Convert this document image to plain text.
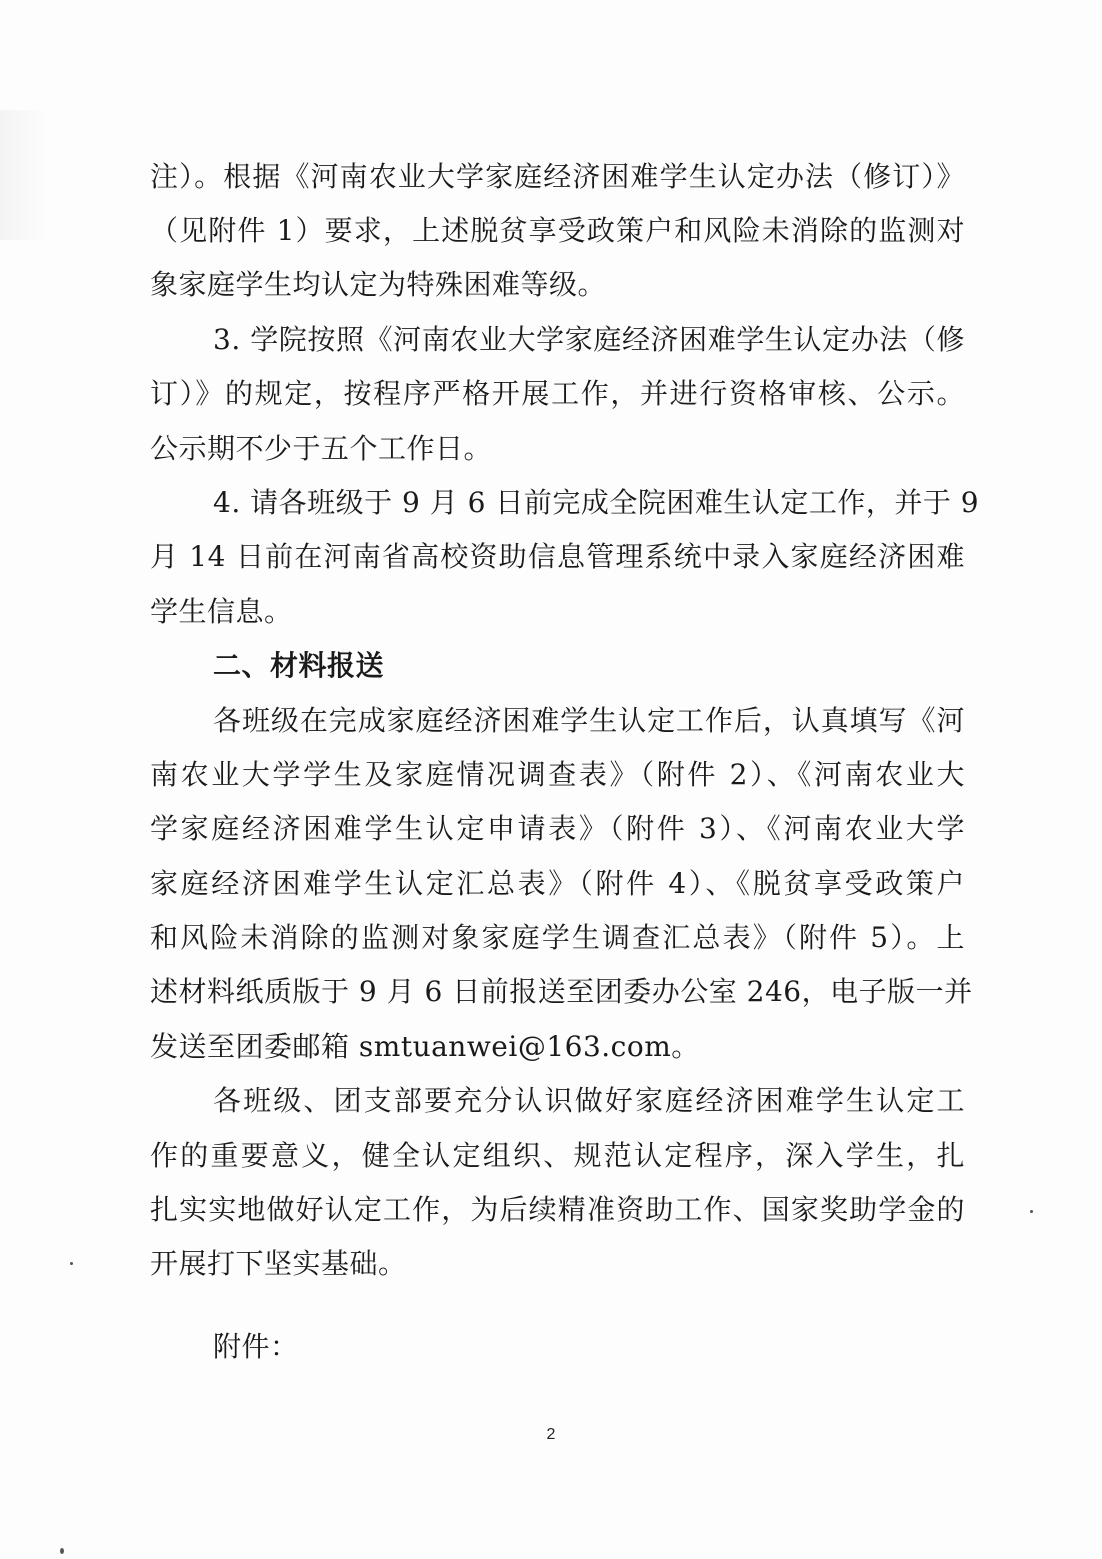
注）。根据《河南农业大学家庭经济困难学生认定办法（修订）》
（见附件 1）要求，上述脱贫享受政策户和风险未消除的监测对
象家庭学生均认定为特殊困难等级。
3. 学院按照《河南农业大学家庭经济困难学生认定办法（修
订）》的规定，按程序严格开展工作，并进行资格审核、公示。
公示期不少于五个工作日。
4. 请各班级于 9 月 6 日前完成全院困难生认定工作，并于 9
月 14 日前在河南省高校资助信息管理系统中录入家庭经济困难
学生信息。
二、材料报送
各班级在完成家庭经济困难学生认定工作后，认真填写《河
南农业大学学生及家庭情况调查表》（附件 2）、《河南农业大
学家庭经济困难学生认定申请表》（附件 3）、《河南农业大学
家庭经济困难学生认定汇总表》（附件 4）、《脱贫享受政策户
和风险未消除的监测对象家庭学生调查汇总表》（附件 5）。上
述材料纸质版于 9 月 6 日前报送至团委办公室 246，电子版一并
发送至团委邮箱 smtuanwei@163.com。
各班级、团支部要充分认识做好家庭经济困难学生认定工
作的重要意义，健全认定组织、规范认定程序，深入学生，扎
扎实实地做好认定工作，为后续精准资助工作、国家奖助学金的
开展打下坚实基础。
附件：
2
